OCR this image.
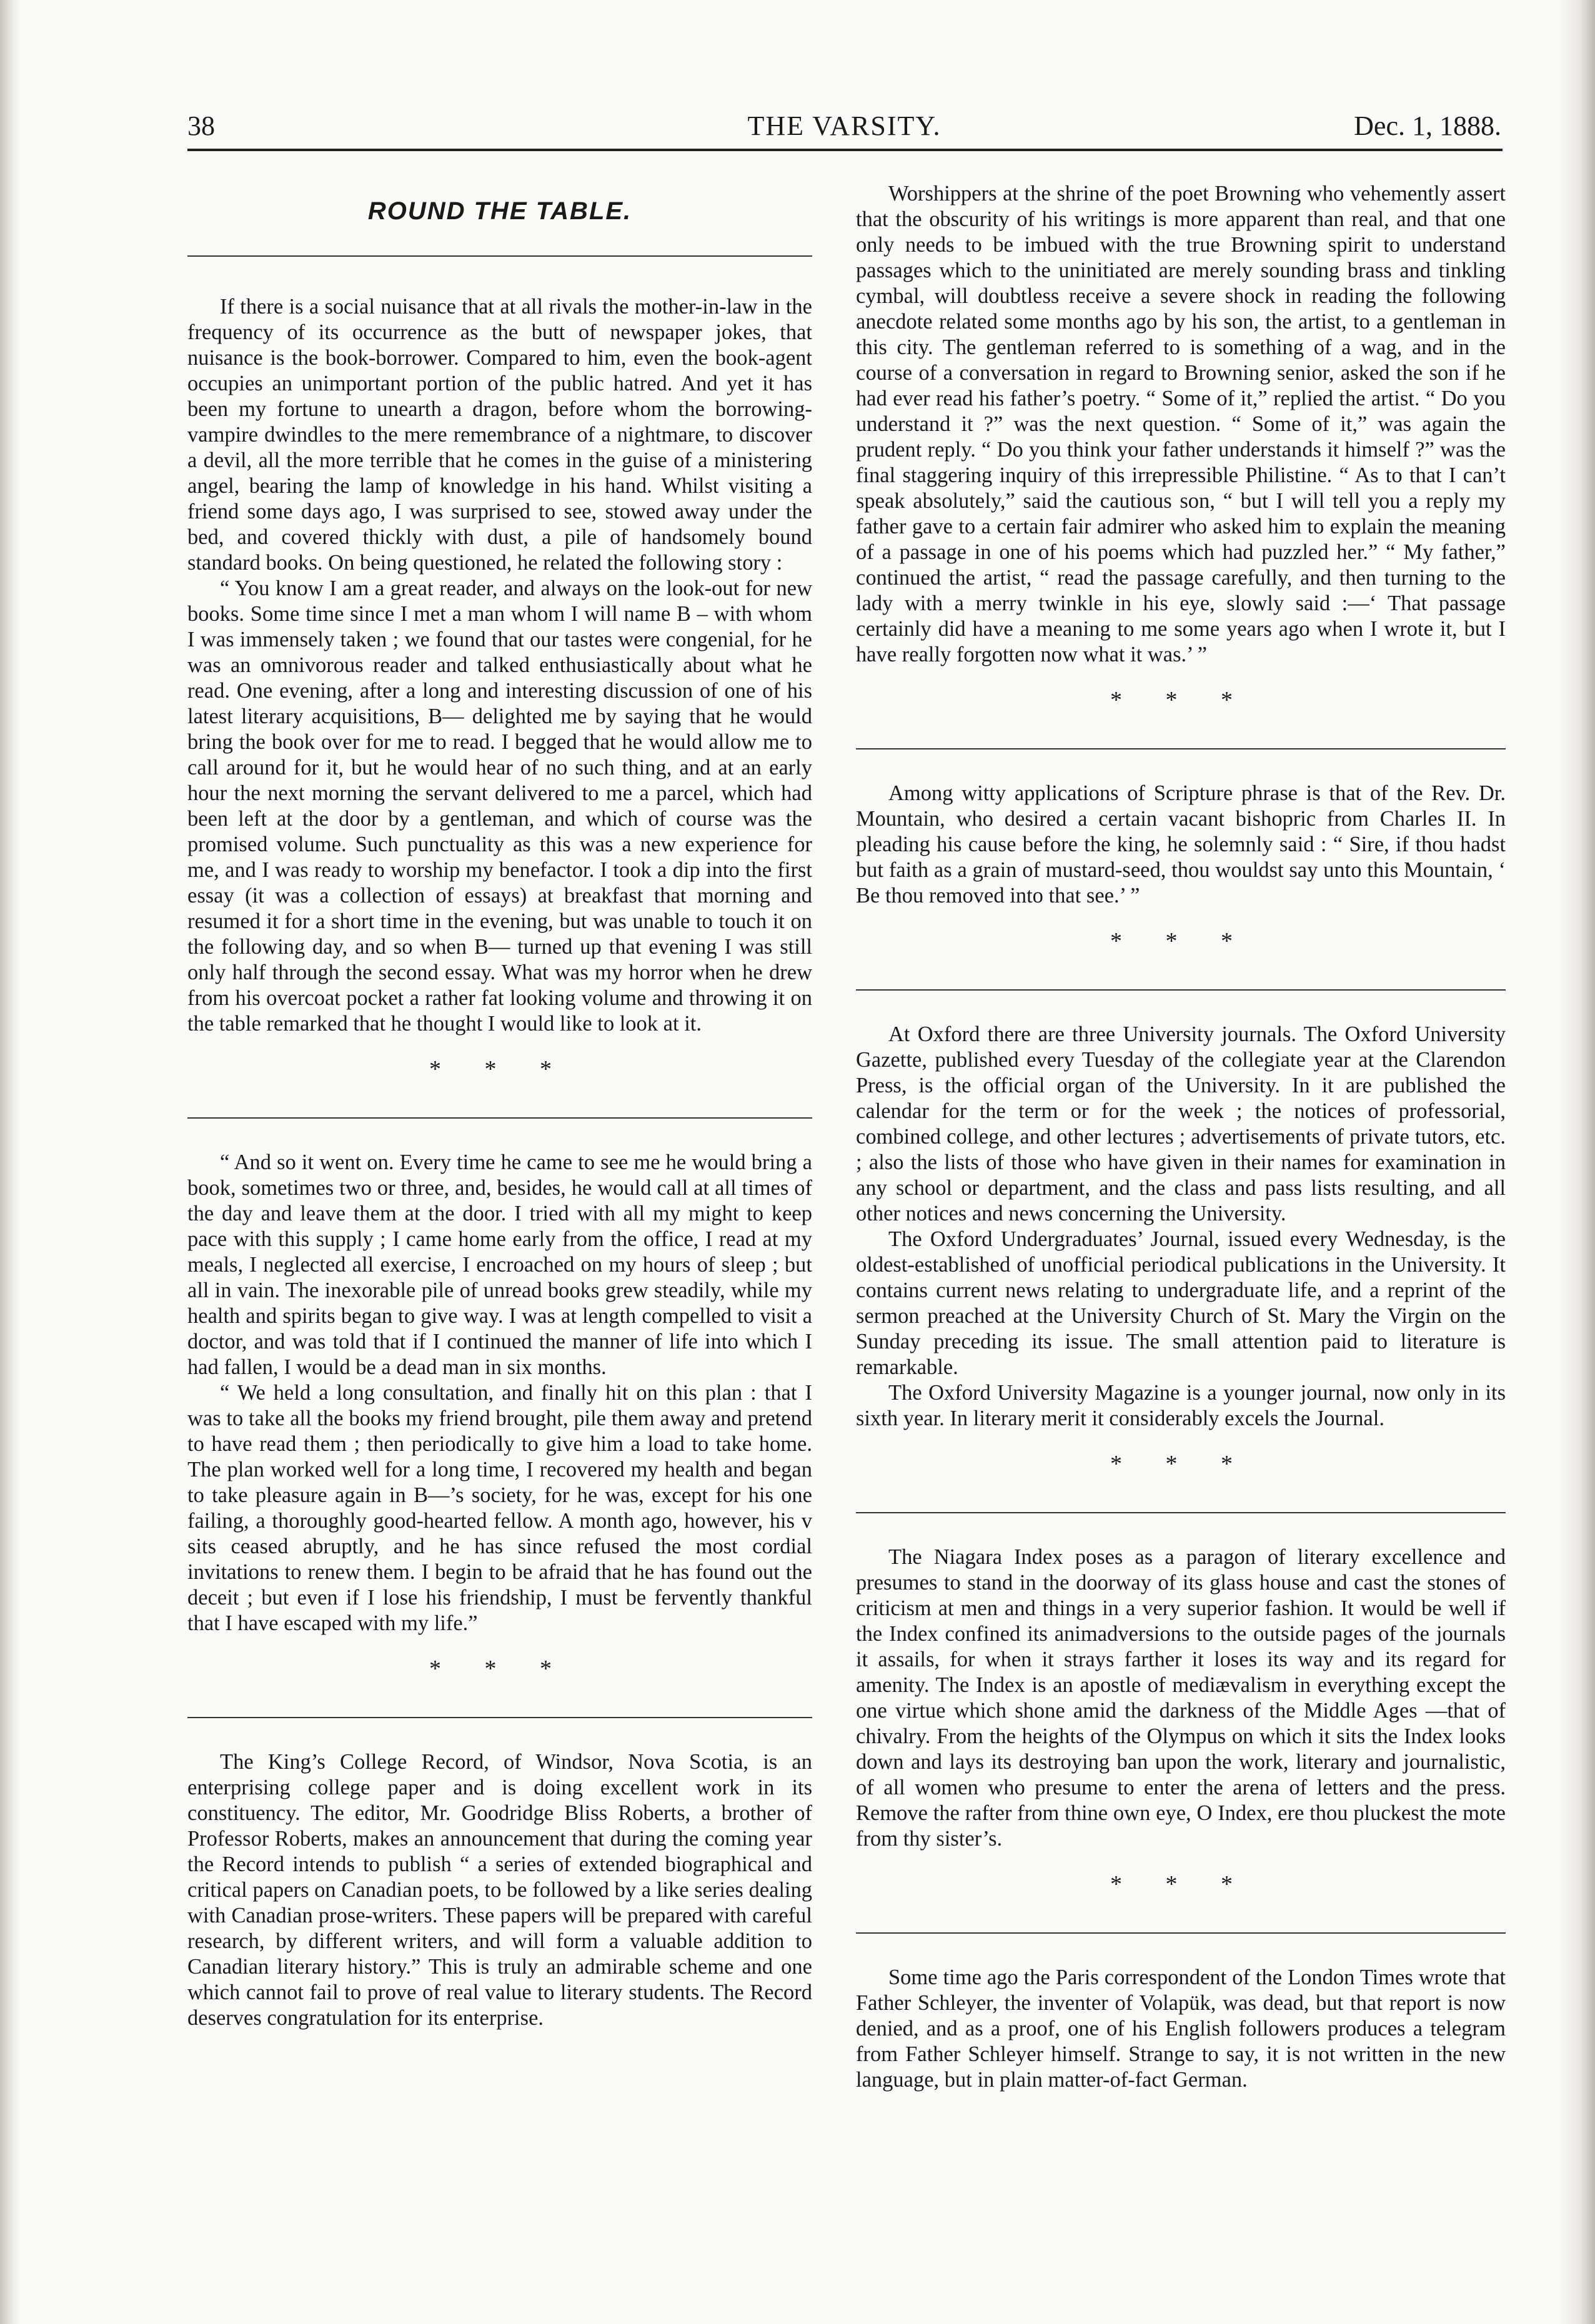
38	THE VARSITY.	Dec. 1, 1888.
ROUND THE TABLE.

If there is a social nuisance that at all rivals the mother-in-law in the frequency of its occurrence as the butt of newspaper jokes, that nuisance is the book-borrower. Compared to him, even the book-agent occupies an unimportant portion of the public hatred. And yet it has been my fortune to unearth a dragon, before whom the borrowing-vampire dwindles to the mere remembrance of a nightmare, to discover a devil, all the more terrible that he comes in the guise of a ministering angel, bearing the lamp of knowledge in his hand. Whilst visiting a friend some days ago, I was surprised to see, stowed away under the bed, and covered thickly with dust, a pile of handsomely bound standard books. On being questioned, he related the following story :

“ You know I am a great reader, and always on the look-out for new books. Some time since I met a man whom I will name B – with whom I was immensely taken ; we found that our tastes were congenial, for he was an omnivorous reader and talked enthusiastically about what he read. One evening, after a long and interesting discussion of one of his latest literary acquisitions, B— delighted me by saying that he would bring the book over for me to read. I begged that he would allow me to call around for it, but he would hear of no such thing, and at an early hour the next morning the servant delivered to me a parcel, which had been left at the door by a gentleman, and which of course was the promised volume. Such punctuality as this was a new experience for me, and I was ready to worship my benefactor. I took a dip into the first essay (it was a collection of essays) at breakfast that morning and resumed it for a short time in the evening, but was unable to touch it on the following day, and so when B— turned up that evening I was still only half through the second essay. What was my horror when he drew from his overcoat pocket a rather fat looking volume and throwing it on the table remarked that he thought I would like to look at it.

* * *

“ And so it went on. Every time he came to see me he would bring a book, sometimes two or three, and, besides, he would call at all times of the day and leave them at the door. I tried with all my might to keep pace with this supply ; I came home early from the office, I read at my meals, I neglected all exercise, I encroached on my hours of sleep ; but all in vain. The inexorable pile of unread books grew steadily, while my health and spirits began to give way. I was at length compelled to visit a doctor, and was told that if I continued the manner of life into which I had fallen, I would be a dead man in six months.

“ We held a long consultation, and finally hit on this plan : that I was to take all the books my friend brought, pile them away and pretend to have read them ; then periodically to give him a load to take home. The plan worked well for a long time, I recovered my health and began to take pleasure again in B—’s society, for he was, except for his one failing, a thoroughly good-hearted fellow. A month ago, however, his v sits ceased abruptly, and he has since refused the most cordial invitations to renew them. I begin to be afraid that he has found out the deceit ; but even if I lose his friendship, I must be fervently thankful that I have escaped with my life.”

* * *

The King’s College Record, of Windsor, Nova Scotia, is an enterprising college paper and is doing excellent work in its constituency. The editor, Mr. Goodridge Bliss Roberts, a brother of Professor Roberts, makes an announcement that during the coming year the Record intends to publish “ a series of extended biographical and critical papers on Canadian poets, to be followed by a like series dealing with Canadian prose-writers. These papers will be prepared with careful research, by different writers, and will form a valuable addition to Canadian literary history.” This is truly an admirable scheme and one which cannot fail to prove of real value to literary students. The Record deserves congratulation for its enterprise.

Worshippers at the shrine of the poet Browning who vehemently assert that the obscurity of his writings is more apparent than real, and that one only needs to be imbued with the true Browning spirit to understand passages which to the uninitiated are merely sounding brass and tinkling cymbal, will doubtless receive a severe shock in reading the following anecdote related some months ago by his son, the artist, to a gentleman in this city. The gentleman referred to is something of a wag, and in the course of a conversation in regard to Browning senior, asked the son if he had ever read his father’s poetry. “ Some of it,” replied the artist. “ Do you understand it ?” was the next question. “ Some of it,” was again the prudent reply. “ Do you think your father understands it himself ?” was the final staggering inquiry of this irrepressible Philistine. “ As to that I can’t speak absolutely,” said the cautious son, “ but I will tell you a reply my father gave to a certain fair admirer who asked him to explain the meaning of a passage in one of his poems which had puzzled her.” “ My father,” continued the artist, “ read the passage carefully, and then turning to the lady with a merry twinkle in his eye, slowly said :—‘ That passage certainly did have a meaning to me some years ago when I wrote it, but I have really forgotten now what it was.’ ”

* * *

Among witty applications of Scripture phrase is that of the Rev. Dr. Mountain, who desired a certain vacant bishopric from Charles II. In pleading his cause before the king, he solemnly said : “ Sire, if thou hadst but faith as a grain of mustard-seed, thou wouldst say unto this Mountain, ‘ Be thou removed into that see.’ ”

* * *

At Oxford there are three University journals. The Oxford University Gazette, published every Tuesday of the collegiate year at the Clarendon Press, is the official organ of the University. In it are published the calendar for the term or for the week ; the notices of professorial, combined college, and other lectures ; advertisements of private tutors, etc. ; also the lists of those who have given in their names for examination in any school or department, and the class and pass lists resulting, and all other notices and news concerning the University.

The Oxford Undergraduates’ Journal, issued every Wednesday, is the oldest-established of unofficial periodical publications in the University. It contains current news relating to undergraduate life, and a reprint of the sermon preached at the University Church of St. Mary the Virgin on the Sunday preceding its issue. The small attention paid to literature is remarkable.

The Oxford University Magazine is a younger journal, now only in its sixth year. In literary merit it considerably excels the Journal.

* * *

The Niagara Index poses as a paragon of literary excellence and presumes to stand in the doorway of its glass house and cast the stones of criticism at men and things in a very superior fashion. It would be well if the Index confined its animadversions to the outside pages of the journals it assails, for when it strays farther it loses its way and its regard for amenity. The Index is an apostle of mediævalism in everything except the one virtue which shone amid the darkness of the Middle Ages —that of chivalry. From the heights of the Olympus on which it sits the Index looks down and lays its destroying ban upon the work, literary and journalistic, of all women who presume to enter the arena of letters and the press. Remove the rafter from thine own eye, O Index, ere thou pluckest the mote from thy sister’s.

* * *

Some time ago the Paris correspondent of the London Times wrote that Father Schleyer, the inventer of Volapük, was dead, but that report is now denied, and as a proof, one of his English followers produces a telegram from Father Schleyer himself. Strange to say, it is not written in the new language, but in plain matter-of-fact German.
